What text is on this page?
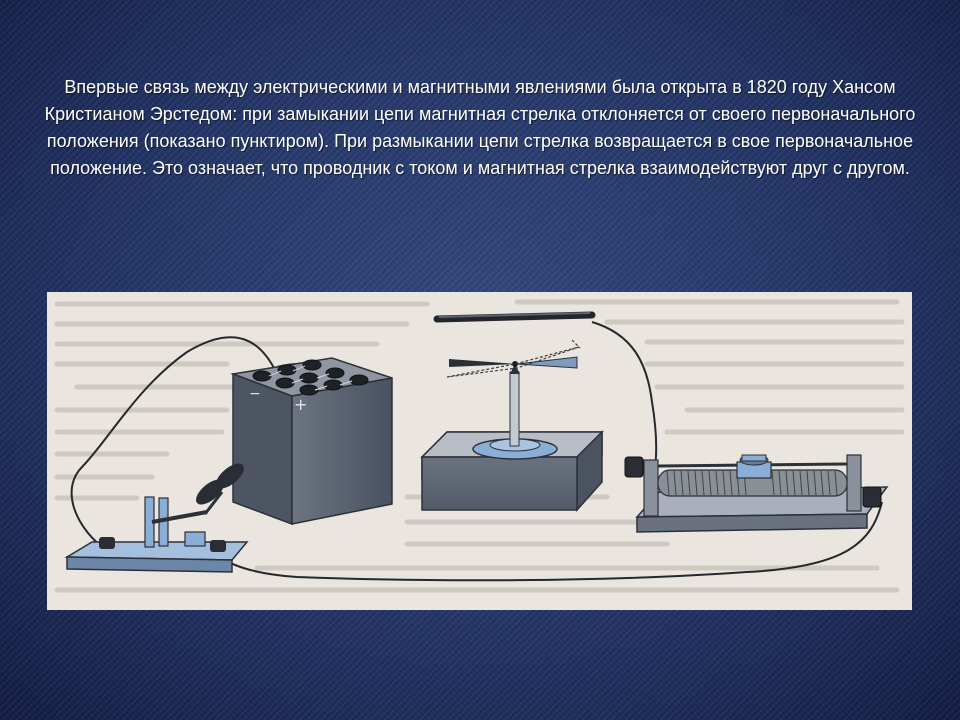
Впервые связь между электрическими и магнитными явлениями была открыта в 1820 году Хансом Кристианом Эрстедом: при замыкании цепи магнитная стрелка отклоняется от своего первоначального положения (показано пунктиром). При размыкании цепи стрелка возвращается в свое первоначальное положение. Это означает, что проводник с током и магнитная стрелка взаимодействуют друг с другом.

−
+
